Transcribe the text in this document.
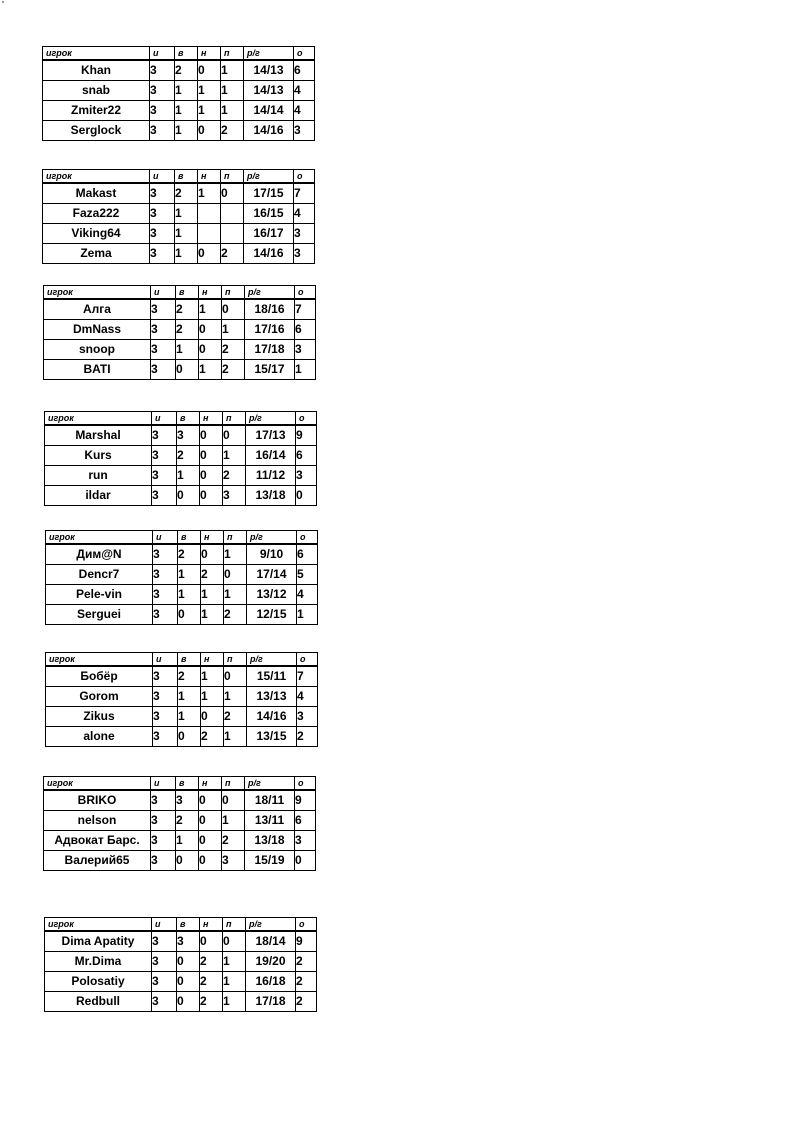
игрок	и	в	н	п	р/г	о
Khan	3	2	0	1	14/13	6
snab	3	1	1	1	14/13	4
Zmiter22	3	1	1	1	14/14	4
Serglock	3	1	0	2	14/16	3
игрок	и	в	н	п	р/г	о
Makast	3	2	1	0	17/15	7
Faza222	3	1			16/15	4
Viking64	3	1			16/17	3
Zema	3	1	0	2	14/16	3
игрок	и	в	н	п	р/г	о
Алга	3	2	1	0	18/16	7
DmNass	3	2	0	1	17/16	6
snoop	3	1	0	2	17/18	3
BATI	3	0	1	2	15/17	1
игрок	и	в	н	п	р/г	о
Marshal	3	3	0	0	17/13	9
Kurs	3	2	0	1	16/14	6
run	3	1	0	2	11/12	3
ildar	3	0	0	3	13/18	0
игрок	и	в	н	п	р/г	о
Дим@N	3	2	0	1	9/10	6
Dencr7	3	1	2	0	17/14	5
Pele-vin	3	1	1	1	13/12	4
Serguei	3	0	1	2	12/15	1
игрок	и	в	н	п	р/г	о
Бобёр	3	2	1	0	15/11	7
Gorom	3	1	1	1	13/13	4
Zikus	3	1	0	2	14/16	3
alone	3	0	2	1	13/15	2
игрок	и	в	н	п	р/г	о
BRIKO	3	3	0	0	18/11	9
nelson	3	2	0	1	13/11	6
Адвокат Барс.	3	1	0	2	13/18	3
Валерий65	3	0	0	3	15/19	0
игрок	и	в	н	п	р/г	о
Dima Apatity	3	3	0	0	18/14	9
Mr.Dima	3	0	2	1	19/20	2
Polosatiy	3	0	2	1	16/18	2
Redbull	3	0	2	1	17/18	2
